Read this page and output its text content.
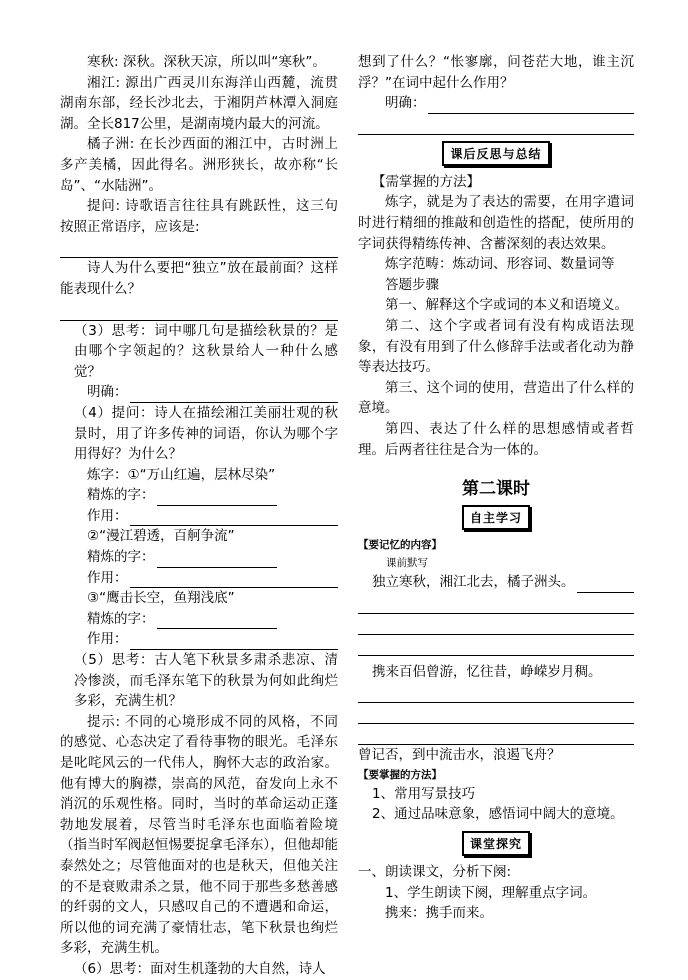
寒秋: 深秋。深秋天凉，所以叫“寒秋”。

湘江: 源出广西灵川东海洋山西麓，流贯湖南东部，经长沙北去，于湘阴芦林潭入洞庭湖。全长817公里，是湖南境内最大的河流。

橘子洲: 在长沙西面的湘江中，古时洲上多产美橘，因此得名。洲形狭长，故亦称“长岛”、“水陆洲”。

提问: 诗歌语言往往具有跳跃性，这三句按照正常语序，应该是:

诗人为什么要把“独立”放在最前面？这样能表现什么？

（3）思考：词中哪几句是描绘秋景的？是由哪个字领起的？这秋景给人一种什么感觉？

明确：

（4）提问：诗人在描绘湘江美丽壮观的秋景时，用了许多传神的词语，你认为哪个字用得好？为什么？

炼字：①“万山红遍，层林尽染”

精炼的字：
作用：

②“漫江碧透，百舸争流”

精炼的字：
作用：

③“鹰击长空，鱼翔浅底”

精炼的字：
作用：

（5）思考：古人笔下秋景多肃杀悲凉、清冷惨淡，而毛泽东笔下的秋景为何如此绚烂多彩，充满生机？

提示: 不同的心境形成不同的风格，不同的感觉、心态决定了看待事物的眼光。毛泽东是叱咤风云的一代伟人，胸怀大志的政治家。他有博大的胸襟，崇高的风范，奋发向上永不消沉的乐观性格。同时，当时的革命运动正蓬勃地发展着，尽管当时毛泽东也面临着险境（指当时军阀赵恒惕要捉拿毛泽东），但他却能泰然处之；尽管他面对的也是秋天，但他关注的不是衰败肃杀之景，他不同于那些多愁善感的纤弱的文人，只感叹自己的不遭遇和命运，所以他的词充满了豪情壮志，笔下秋景也绚烂多彩，充满生机。

（6）思考：面对生机蓬勃的大自然，诗人

想到了什么？“怅寥廓，问苍茫大地，谁主沉浮？”在词中起什么作用？

明确：
课后反思与总结

【需掌握的方法】

炼字，就是为了表达的需要，在用字遣词时进行精细的推敲和创造性的搭配，使所用的字词获得精练传神、含蓄深刻的表达效果。

炼字范畴：炼动词、形容词、数量词等

答题步骤

第一、解释这个字或词的本义和语境义。

第二、这个字或者词有没有构成语法现象，有没有用到了什么修辞手法或者化动为静等表达技巧。

第三、这个词的使用，营造出了什么样的意境。

第四、表达了什么样的思想感情或者哲理。后两者往往是合为一体的。

第二课时
自主学习
【要记忆的内容】
课前默写
独立寒秋，湘江北去，橘子洲头。

携来百侣曾游，忆往昔，峥嵘岁月稠。

曾记否，到中流击水，浪遏飞舟？

【要掌握的方法】

1、常用写景技巧

2、通过品味意象，感悟词中阔大的意境。

课堂探究

一、朗读课文，分析下阕:

1、学生朗读下阕，理解重点字词。

携来：携手而来。
